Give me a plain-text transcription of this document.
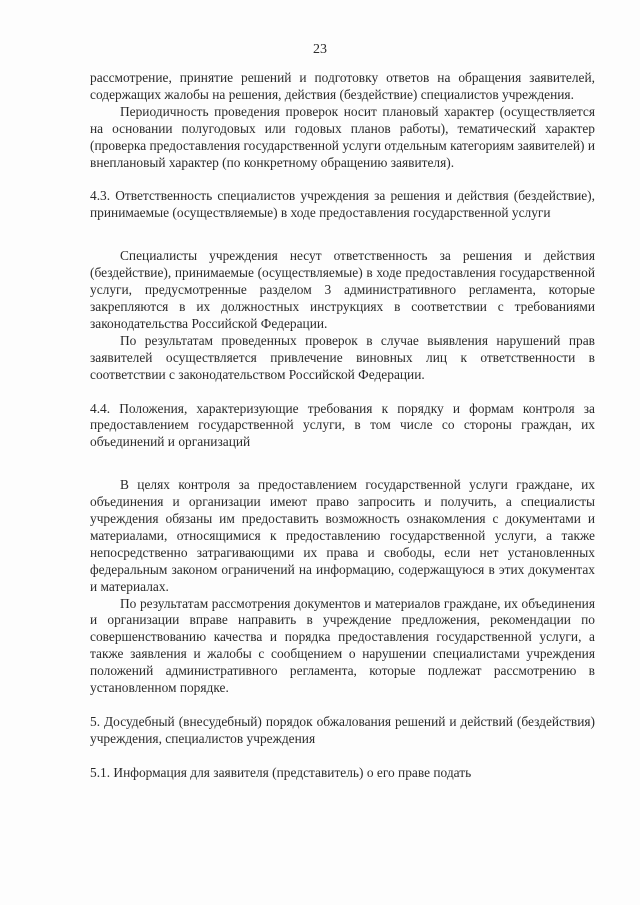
23

рассмотрение, принятие решений и подготовку ответов на обращения заявителей, содержащих жалобы на решения, действия (бездействие) специалистов учреждения.

Периодичность проведения проверок носит плановый характер (осуществляется на основании полугодовых или годовых планов работы), тематический характер (проверка предоставления государственной услуги отдельным категориям заявителей) и внеплановый характер (по конкретному обращению заявителя).

4.3. Ответственность специалистов учреждения за решения и действия (бездействие), принимаемые (осуществляемые) в ходе предоставления государственной услуги

Специалисты учреждения несут ответственность за решения и действия (бездействие), принимаемые (осуществляемые) в ходе предоставления государственной услуги, предусмотренные разделом 3 административного регламента, которые закрепляются в их должностных инструкциях в соответствии с требованиями законодательства Российской Федерации.

По результатам проведенных проверок в случае выявления нарушений прав заявителей осуществляется привлечение виновных лиц к ответственности в соответствии с законодательством Российской Федерации.

4.4. Положения, характеризующие требования к порядку и формам контроля за предоставлением государственной услуги, в том числе со стороны граждан, их объединений и организаций

В целях контроля за предоставлением государственной услуги граждане, их объединения и организации имеют право запросить и получить, а специалисты учреждения обязаны им предоставить возможность ознакомления с документами и материалами, относящимися к предоставлению государственной услуги, а также непосредственно затрагивающими их права и свободы, если нет установленных федеральным законом ограничений на информацию, содержащуюся в этих документах и материалах.

По результатам рассмотрения документов и материалов граждане, их объединения и организации вправе направить в учреждение предложения, рекомендации по совершенствованию качества и порядка предоставления государственной услуги, а также заявления и жалобы с сообщением о нарушении специалистами учреждения положений административного регламента, которые подлежат рассмотрению в установленном порядке.

5. Досудебный (внесудебный) порядок обжалования решений и действий (бездействия) учреждения, специалистов учреждения

5.1. Информация для заявителя (представитель) о его праве подать
